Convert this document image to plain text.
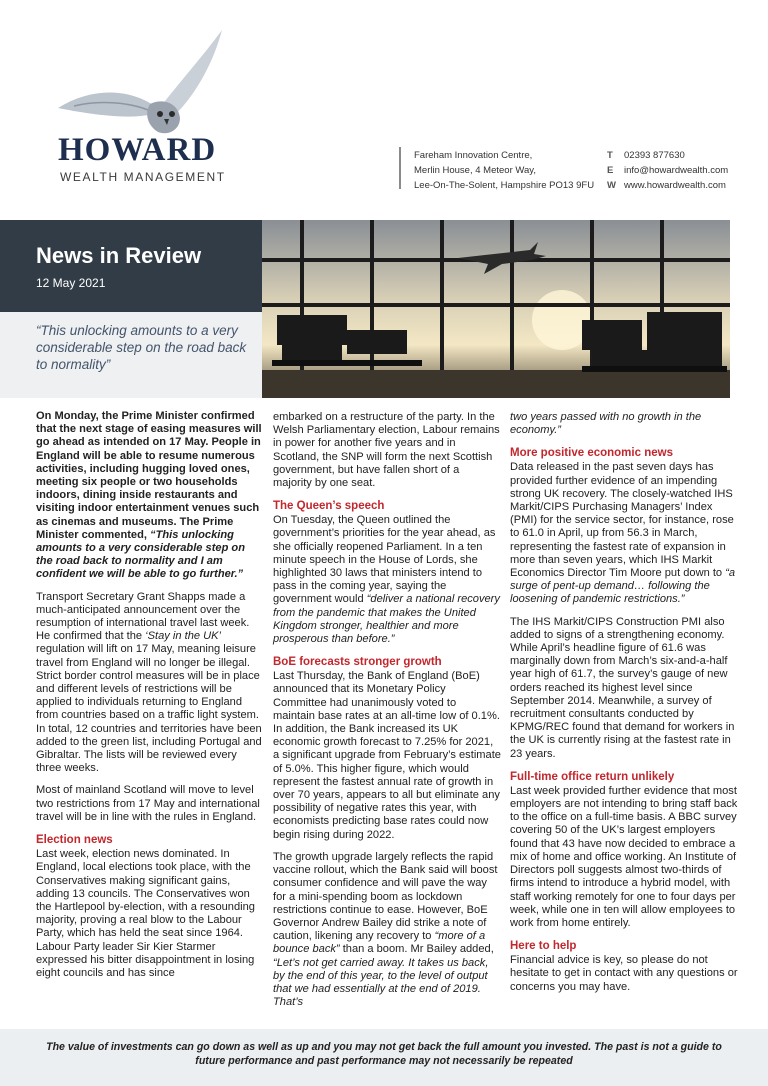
HOWARD
WEALTH MANAGEMENT
Fareham Innovation Centre,
Merlin House, 4 Meteor Way,
Lee-On-The-Solent, Hampshire PO13 9FU
T 02393 877630
E info@howardwealth.com
W www.howardwealth.com
News in Review
12 May 2021
“This unlocking amounts to a very considerable step on the road back to normality”

On Monday, the Prime Minister confirmed that the next stage of easing measures will go ahead as intended on 17 May. People in England will be able to resume numerous activities, including hugging loved ones, meeting six people or two households indoors, dining inside restaurants and visiting indoor entertainment venues such as cinemas and museums. The Prime Minister commented, “This unlocking amounts to a very considerable step on the road back to normality and I am confident we will be able to go further.”

Transport Secretary Grant Shapps made a much-anticipated announcement over the resumption of international travel last week. He confirmed that the ‘Stay in the UK’ regulation will lift on 17 May, meaning leisure travel from England will no longer be illegal. Strict border control measures will be in place and different levels of restrictions will be applied to individuals returning to England from countries based on a traffic light system. In total, 12 countries and territories have been added to the green list, including Portugal and Gibraltar. The lists will be reviewed every three weeks.

Most of mainland Scotland will move to level two restrictions from 17 May and international travel will be in line with the rules in England.

Election news

Last week, election news dominated. In England, local elections took place, with the Conservatives making significant gains, adding 13 councils. The Conservatives won the Hartlepool by-election, with a resounding majority, proving a real blow to the Labour Party, which has held the seat since 1964. Labour Party leader Sir Kier Starmer expressed his bitter disappointment in losing eight councils and has since

embarked on a restructure of the party. In the Welsh Parliamentary election, Labour remains in power for another five years and in Scotland, the SNP will form the next Scottish government, but have fallen short of a majority by one seat.

The Queen’s speech

On Tuesday, the Queen outlined the government’s priorities for the year ahead, as she officially reopened Parliament. In a ten minute speech in the House of Lords, she highlighted 30 laws that ministers intend to pass in the coming year, saying the government would “deliver a national recovery from the pandemic that makes the United Kingdom stronger, healthier and more prosperous than before.”

BoE forecasts stronger growth

Last Thursday, the Bank of England (BoE) announced that its Monetary Policy Committee had unanimously voted to maintain base rates at an all-time low of 0.1%. In addition, the Bank increased its UK economic growth forecast to 7.25% for 2021, a significant upgrade from February’s estimate of 5.0%. This higher figure, which would represent the fastest annual rate of growth in over 70 years, appears to all but eliminate any possibility of negative rates this year, with economists predicting base rates could now begin rising during 2022.

The growth upgrade largely reflects the rapid vaccine rollout, which the Bank said will boost consumer confidence and will pave the way for a mini-spending boom as lockdown restrictions continue to ease. However, BoE Governor Andrew Bailey did strike a note of caution, likening any recovery to “more of a bounce back” than a boom. Mr Bailey added, “Let’s not get carried away. It takes us back, by the end of this year, to the level of output that we had essentially at the end of 2019. That’s

two years passed with no growth in the economy.”

More positive economic news

Data released in the past seven days has provided further evidence of an impending strong UK recovery. The closely-watched IHS Markit/CIPS Purchasing Managers’ Index (PMI) for the service sector, for instance, rose to 61.0 in April, up from 56.3 in March, representing the fastest rate of expansion in more than seven years, which IHS Markit Economics Director Tim Moore put down to “a surge of pent-up demand… following the loosening of pandemic restrictions.”

The IHS Markit/CIPS Construction PMI also added to signs of a strengthening economy. While April’s headline figure of 61.6 was marginally down from March’s six-and-a-half year high of 61.7, the survey’s gauge of new orders reached its highest level since September 2014. Meanwhile, a survey of recruitment consultants conducted by KPMG/REC found that demand for workers in the UK is currently rising at the fastest rate in 23 years.

Full-time office return unlikely

Last week provided further evidence that most employers are not intending to bring staff back to the office on a full-time basis. A BBC survey covering 50 of the UK’s largest employers found that 43 have now decided to embrace a mix of home and office working. An Institute of Directors poll suggests almost two-thirds of firms intend to introduce a hybrid model, with staff working remotely for one to four days per week, while one in ten will allow employees to work from home entirely.

Here to help

Financial advice is key, so please do not hesitate to get in contact with any questions or concerns you may have.

The value of investments can go down as well as up and you may not get back the full amount you invested. The past is not a guide to future performance and past performance may not necessarily be repeated
